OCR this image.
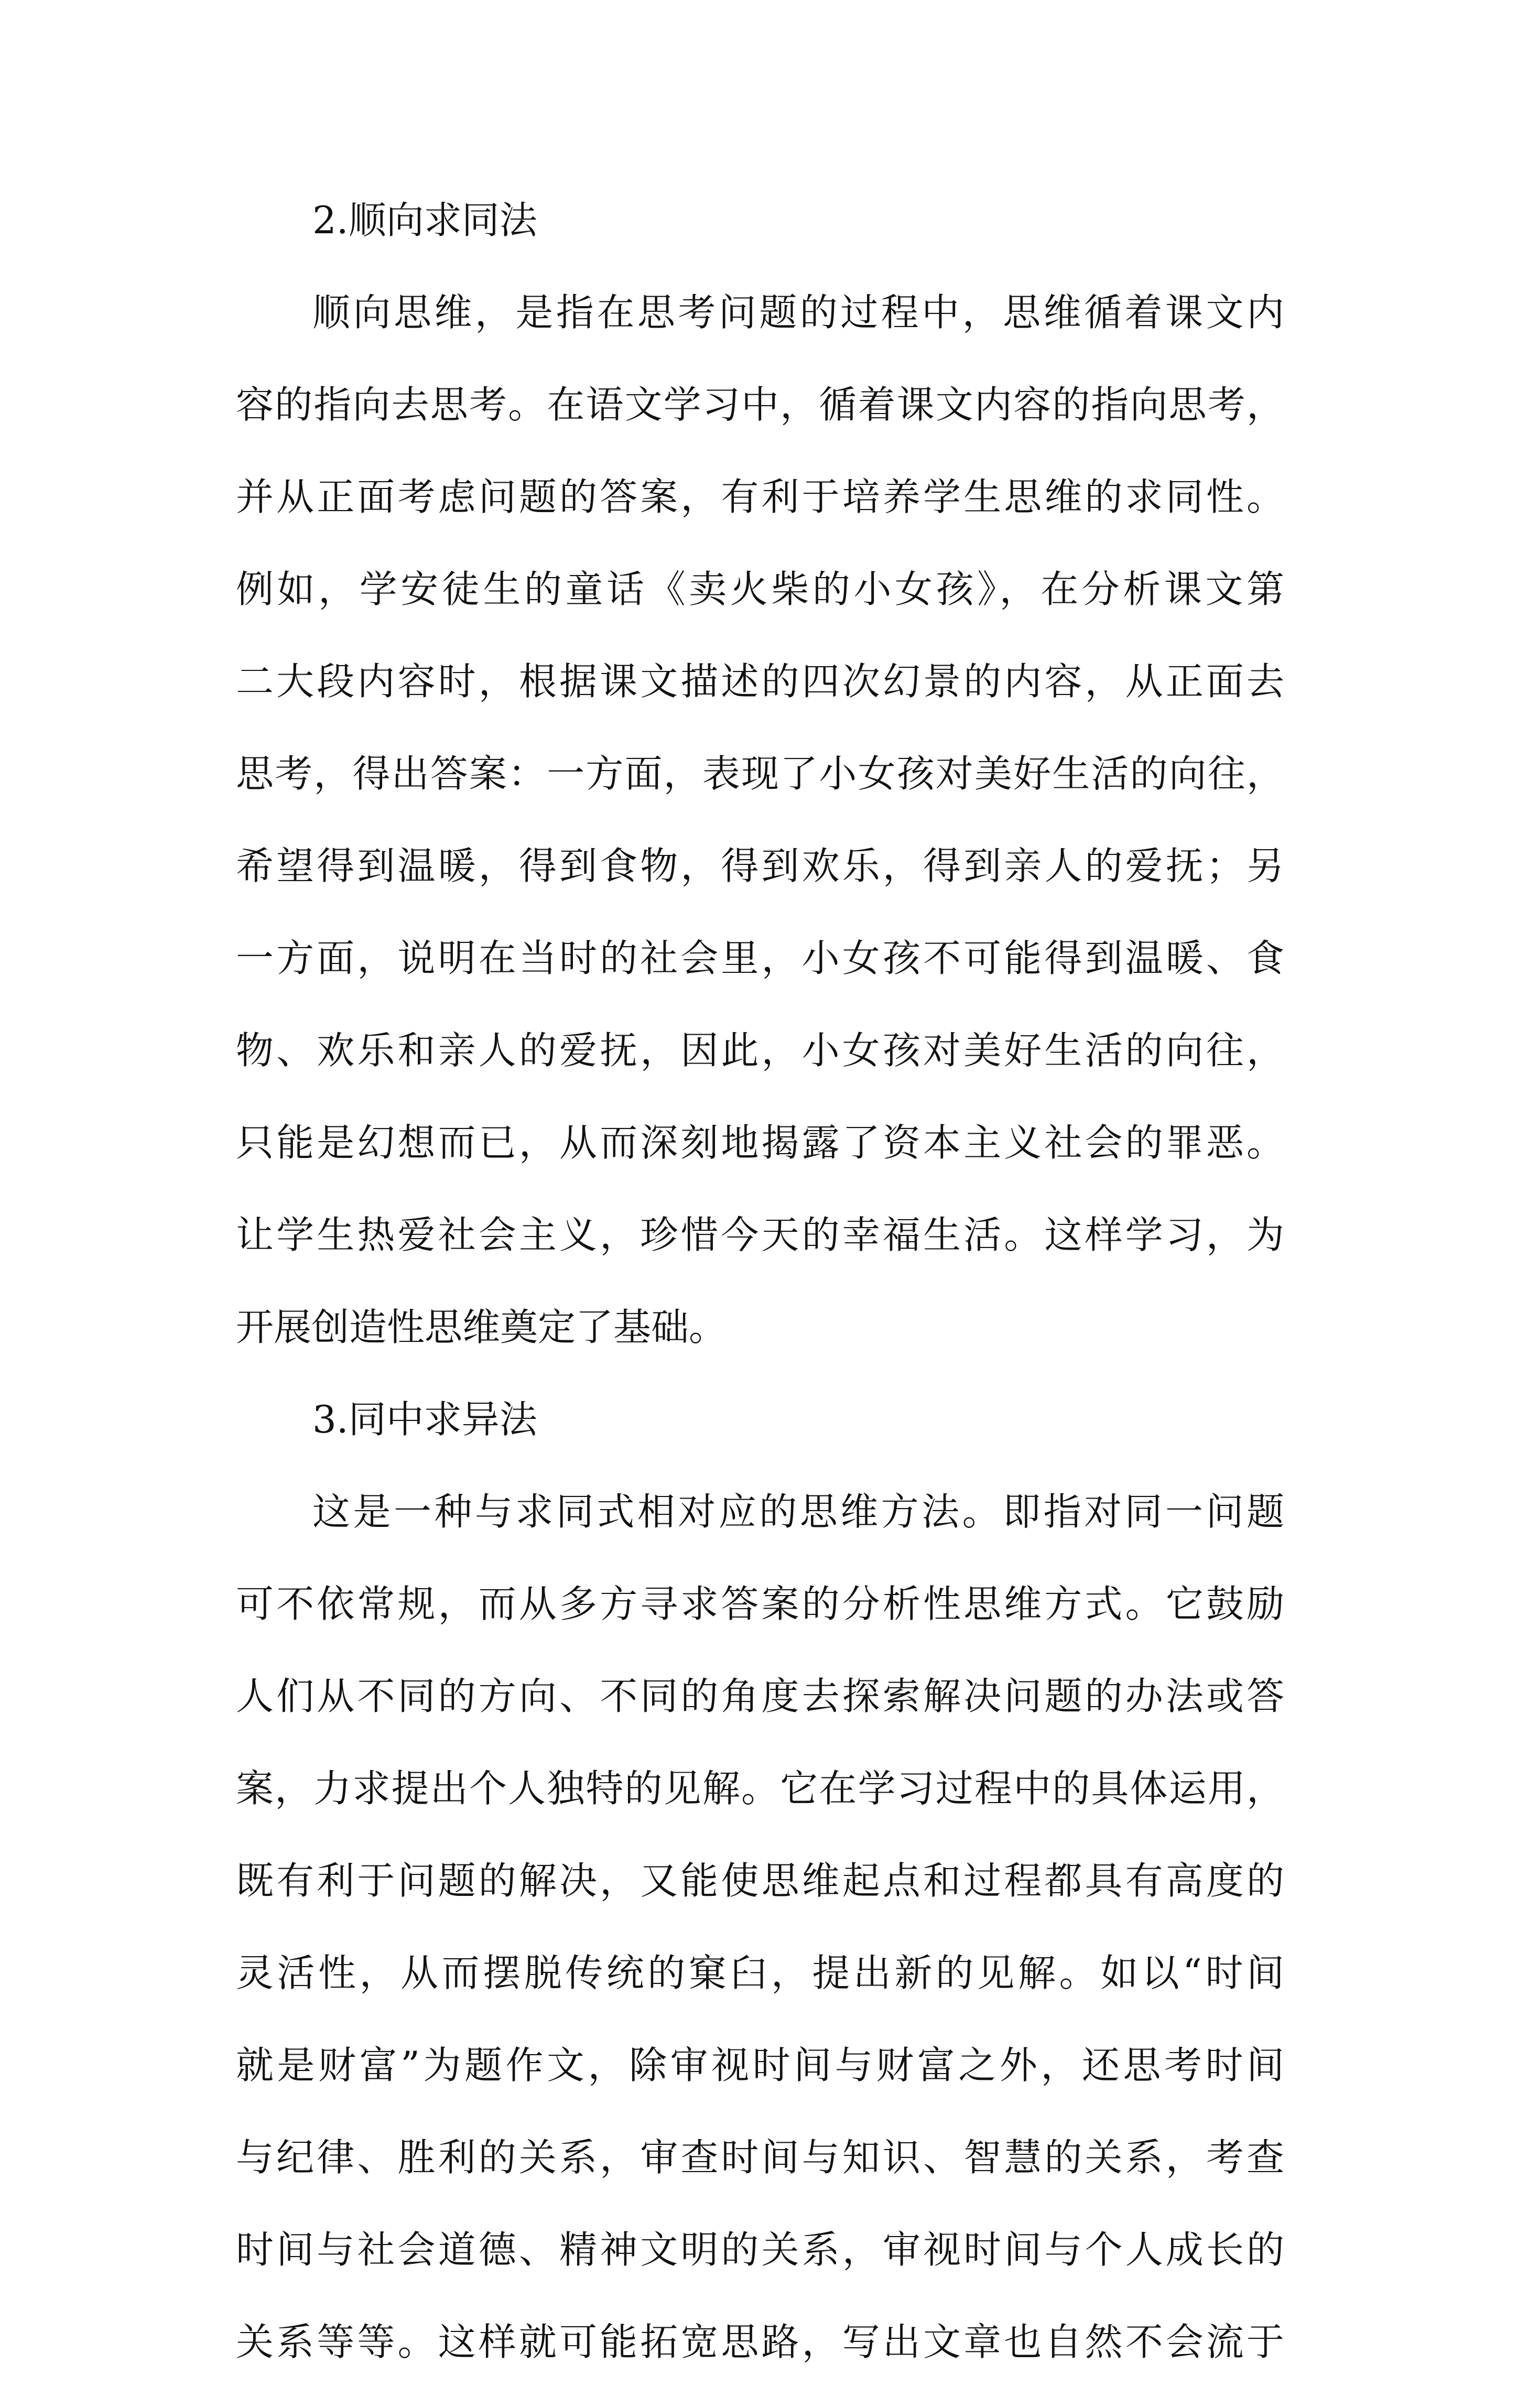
2.顺向求同法
顺向思维，是指在思考问题的过程中，思维循着课文内
容的指向去思考。在语文学习中，循着课文内容的指向思考，
并从正面考虑问题的答案，有利于培养学生思维的求同性。
例如，学安徒生的童话《卖火柴的小女孩》，在分析课文第
二大段内容时，根据课文描述的四次幻景的内容，从正面去
思考，得出答案：一方面，表现了小女孩对美好生活的向往，
希望得到温暖，得到食物，得到欢乐，得到亲人的爱抚；另
一方面，说明在当时的社会里，小女孩不可能得到温暖、食
物、欢乐和亲人的爱抚，因此，小女孩对美好生活的向往，
只能是幻想而已，从而深刻地揭露了资本主义社会的罪恶。
让学生热爱社会主义，珍惜今天的幸福生活。这样学习，为
开展创造性思维奠定了基础。
3.同中求异法
这是一种与求同式相对应的思维方法。即指对同一问题
可不依常规，而从多方寻求答案的分析性思维方式。它鼓励
人们从不同的方向、不同的角度去探索解决问题的办法或答
案，力求提出个人独特的见解。它在学习过程中的具体运用，
既有利于问题的解决，又能使思维起点和过程都具有高度的
灵活性，从而摆脱传统的窠臼，提出新的见解。如以“时间
就是财富”为题作文，除审视时间与财富之外，还思考时间
与纪律、胜利的关系，审查时间与知识、智慧的关系，考查
时间与社会道德、精神文明的关系，审视时间与个人成长的
关系等等。这样就可能拓宽思路，写出文章也自然不会流于
